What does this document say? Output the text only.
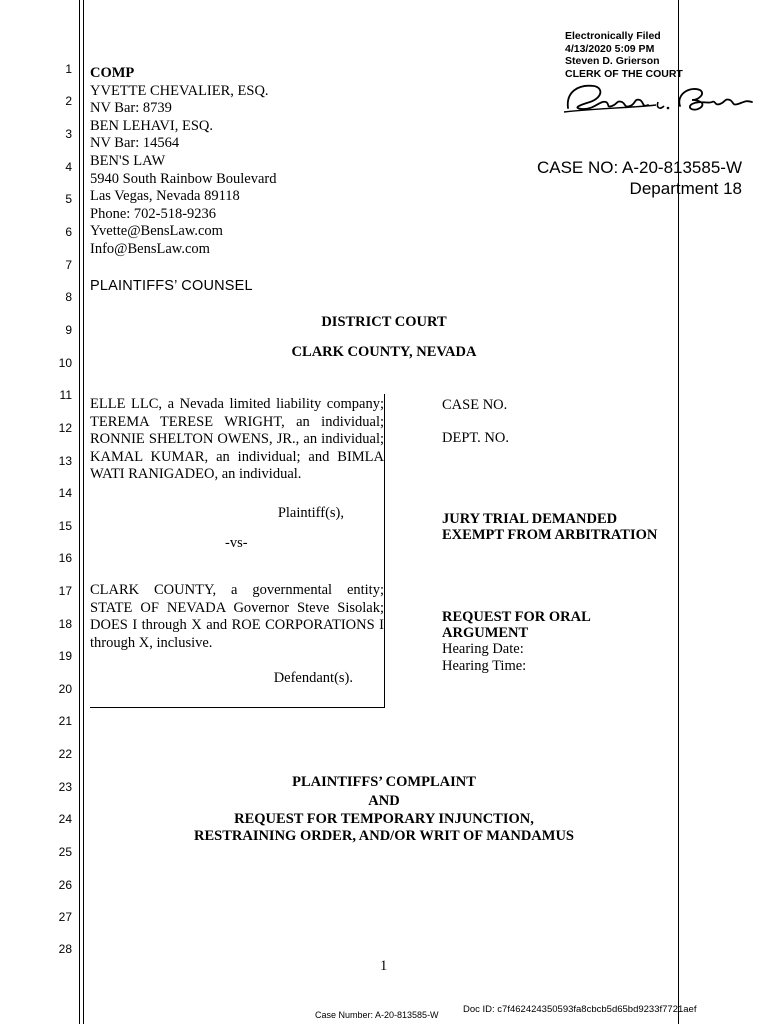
1
2
3
4
5
6
7
8
9
10
11
12
13
14
15
16
17
18
19
20
21
22
23
24
25
26
27
28
Electronically Filed
4/13/2020 5:09 PM
Steven D. Grierson
CLERK OF THE COURT
CASE NO: A-20-813585-W
Department 18
COMP
YVETTE CHEVALIER, ESQ.
NV Bar: 8739
BEN LEHAVI, ESQ.
NV Bar: 14564
BEN'S LAW
5940 South Rainbow Boulevard
Las Vegas, Nevada 89118
Phone: 702-518-9236
Yvette@BensLaw.com
Info@BensLaw.com
PLAINTIFFS’ COUNSEL
DISTRICT COURT
CLARK COUNTY, NEVADA

ELLE LLC, a Nevada limited liability company; TEREMA TERESE WRIGHT, an individual; RONNIE SHELTON OWENS, JR., an individual; KAMAL KUMAR, an individual; and BIMLA WATI RANIGADEO, an individual.

Plaintiff(s),
-vs-

CLARK COUNTY, a governmental entity; STATE OF NEVADA Governor Steve Sisolak; DOES I through X and ROE CORPORATIONS I through X, inclusive.

Defendant(s).
CASE NO.
DEPT. NO.
JURY TRIAL DEMANDED
EXEMPT FROM ARBITRATION
REQUEST FOR ORAL
ARGUMENT
Hearing Date:
Hearing Time:
PLAINTIFFS’ COMPLAINT
AND
REQUEST FOR TEMPORARY INJUNCTION,
RESTRAINING ORDER, AND/OR WRIT OF MANDAMUS
1
Case Number: A-20-813585-W	Doc ID: c7f462424350593fa8cbcb5d65bd9233f7721aef
